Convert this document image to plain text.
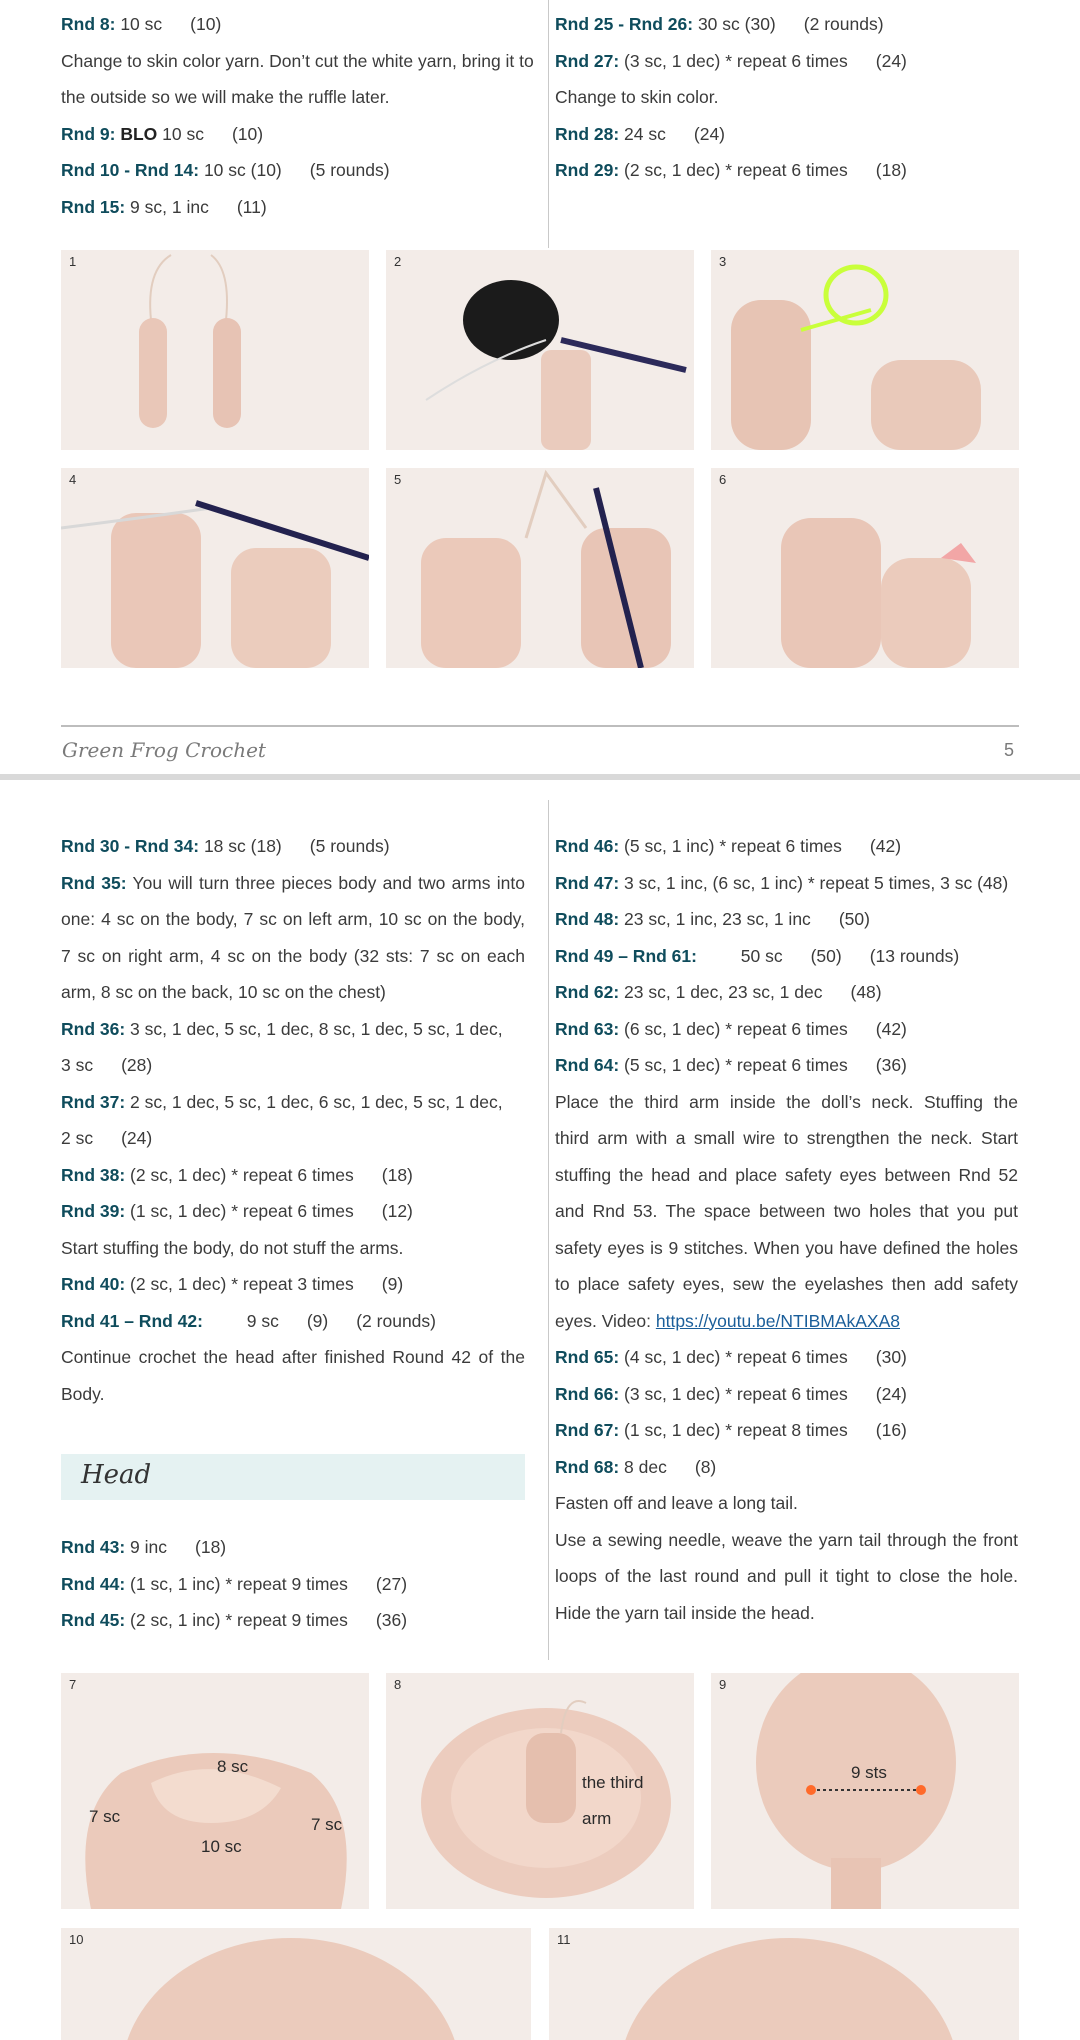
Rnd 8: 10 sc (10)
Change to skin color yarn. Don’t cut the white yarn, bring it to
the outside so we will make the ruffle later.
Rnd 9: BLO 10 sc (10)
Rnd 10 - Rnd 14: 10 sc (10) (5 rounds)
Rnd 15: 9 sc, 1 inc (11)
Rnd 25 - Rnd 26: 30 sc (30) (2 rounds)
Rnd 27: (3 sc, 1 dec) * repeat 6 times (24)
Change to skin color.
Rnd 28: 24 sc (24)
Rnd 29: (2 sc, 1 dec) * repeat 6 times (18)
1	2	3
4	5	6
Green Frog Crochet	5
Rnd 30 - Rnd 34: 18 sc (18) (5 rounds)
Rnd 35: You will turn three pieces body and two arms into
one: 4 sc on the body, 7 sc on left arm, 10 sc on the body,
7 sc on right arm, 4 sc on the body (32 sts: 7 sc on each
arm, 8 sc on the back, 10 sc on the chest)
Rnd 36: 3 sc, 1 dec, 5 sc, 1 dec, 8 sc, 1 dec, 5 sc, 1 dec,
3 sc (28)
Rnd 37: 2 sc, 1 dec, 5 sc, 1 dec, 6 sc, 1 dec, 5 sc, 1 dec,
2 sc (24)
Rnd 38: (2 sc, 1 dec) * repeat 6 times (18)
Rnd 39: (1 sc, 1 dec) * repeat 6 times (12)
Start stuffing the body, do not stuff the arms.
Rnd 40: (2 sc, 1 dec) * repeat 3 times (9)
Rnd 41 – Rnd 42:         9 sc (9) (2 rounds)
Continue crochet the head after finished Round 42 of the
Body.
Head
Rnd 43: 9 inc (18)
Rnd 44: (1 sc, 1 inc) * repeat 9 times (27)
Rnd 45: (2 sc, 1 inc) * repeat 9 times (36)
Rnd 46: (5 sc, 1 inc) * repeat 6 times (42)
Rnd 47: 3 sc, 1 inc, (6 sc, 1 inc) * repeat 5 times, 3 sc (48)
Rnd 48: 23 sc, 1 inc, 23 sc, 1 inc (50)
Rnd 49 – Rnd 61:         50 sc (50) (13 rounds)
Rnd 62: 23 sc, 1 dec, 23 sc, 1 dec (48)
Rnd 63: (6 sc, 1 dec) * repeat 6 times (42)
Rnd 64: (5 sc, 1 dec) * repeat 6 times (36)
Place the third arm inside the doll’s neck. Stuffing the
third arm with a small wire to strengthen the neck. Start
stuffing the head and place safety eyes between Rnd 52
and Rnd 53. The space between two holes that you put
safety eyes is 9 stitches. When you have defined the holes
to place safety eyes, sew the eyelashes then add safety
eyes. Video: https://youtu.be/NTIBMAkAXA8
Rnd 65: (4 sc, 1 dec) * repeat 6 times (30)
Rnd 66: (3 sc, 1 dec) * repeat 6 times (24)
Rnd 67: (1 sc, 1 dec) * repeat 8 times (16)
Rnd 68: 8 dec (8)
Fasten off and leave a long tail.
Use a sewing needle, weave the yarn tail through the front
loops of the last round and pull it tight to close the hole.
Hide the yarn tail inside the head.
7
8 sc
7 sc
10 sc
7 sc
8
the third arm
9
9 sts
10	11
